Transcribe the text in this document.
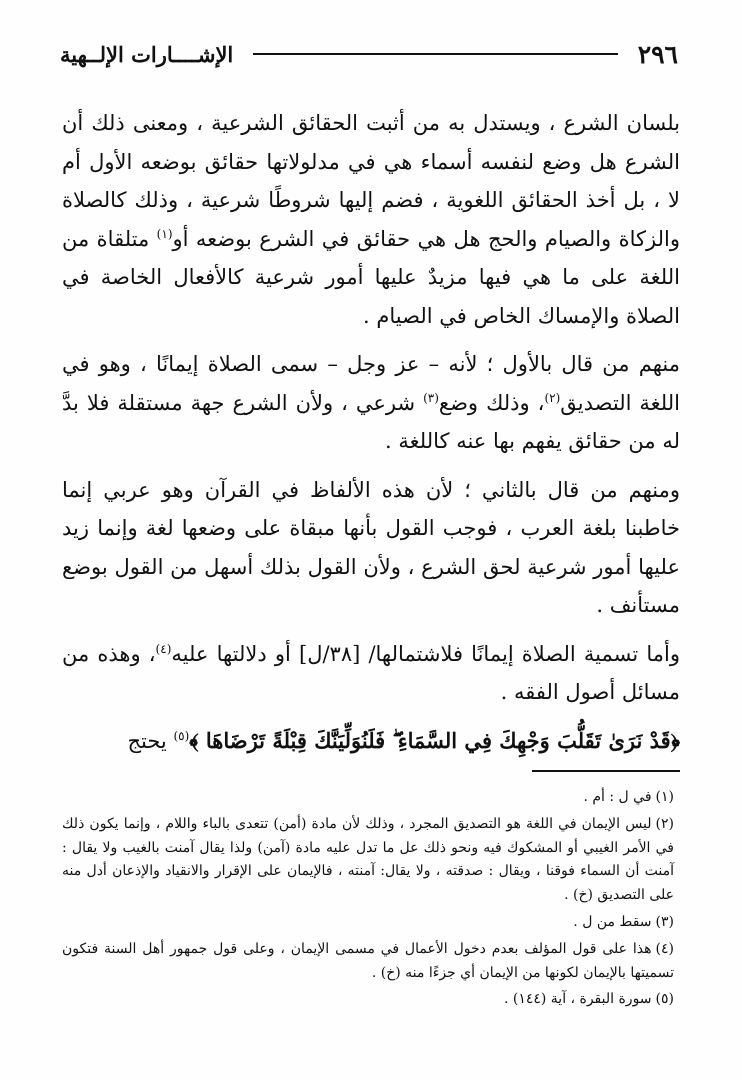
٢٩٦
الإشــــارات الإلــهية

بلسان الشرع ، ويستدل به من أثبت الحقائق الشرعية ، ومعنى ذلك أن الشرع هل وضع لنفسه أسماء هي في مدلولاتها حقائق بوضعه الأول أم لا ، بل أخذ الحقائق اللغوية ، فضم إليها شروطًا شرعية ، وذلك كالصلاة والزكاة والصيام والحج هل هي حقائق في الشرع بوضعه أو$^{(١)}$ متلقاة من اللغة على ما هي فيها مزيدٌ عليها أمور شرعية كالأفعال الخاصة في الصلاة والإمساك الخاص في الصيام .

منهم من قال بالأول ؛ لأنه – عز وجل – سمى الصلاة إيمانًا ، وهو في اللغة التصديق$^{(٢)}$، وذلك وضع$^{(٣)}$ شرعي ، ولأن الشرع جهة مستقلة فلا بدَّ له من حقائق يفهم بها عنه كاللغة .

ومنهم من قال بالثاني ؛ لأن هذه الألفاظ في القرآن وهو عربي إنما خاطبنا بلغة العرب ، فوجب القول بأنها مبقاة على وضعها لغة وإنما زيد عليها أمور شرعية لحق الشرع ، ولأن القول بذلك أسهل من القول بوضع مستأنف .

وأما تسمية الصلاة إيمانًا فلاشتمالها/ [٣٨/ل] أو دلالتها عليه$^{(٤)}$، وهذه من مسائل أصول الفقه .

﴿قَدْ نَرَىٰ تَقَلُّبَ وَجْهِكَ فِي السَّمَاءِ ۖ فَلَنُوَلِّيَنَّكَ قِبْلَةً تَرْضَاهَا ﴾$^{(٥)}$ يحتج

(١)في ل : أم .

(٢)ليس الإيمان في اللغة هو التصديق المجرد ، وذلك لأن مادة (أمن) تتعدى بالباء واللام ، وإنما يكون ذلك في الأمر الغيبي أو المشكوك فيه ونحو ذلك عل ما تدل عليه مادة (آمن) ولذا يقال آمنت بالغيب ولا يقال : آمنت أن السماء فوقنا ، ويقال : صدقته ، ولا يقال: آمنته ، فالإيمان على الإقرار والانقياد والإذعان أدل منه على التصديق (خ) .

(٣)سقط من ل .

(٤)هذا على قول المؤلف بعدم دخول الأعمال في مسمى الإيمان ، وعلى قول جمهور أهل السنة فتكون تسميتها بالإيمان لكونها من الإيمان أي جزءًا منه (خ) .

(٥)سورة البقرة ، آية (١٤٤) .
